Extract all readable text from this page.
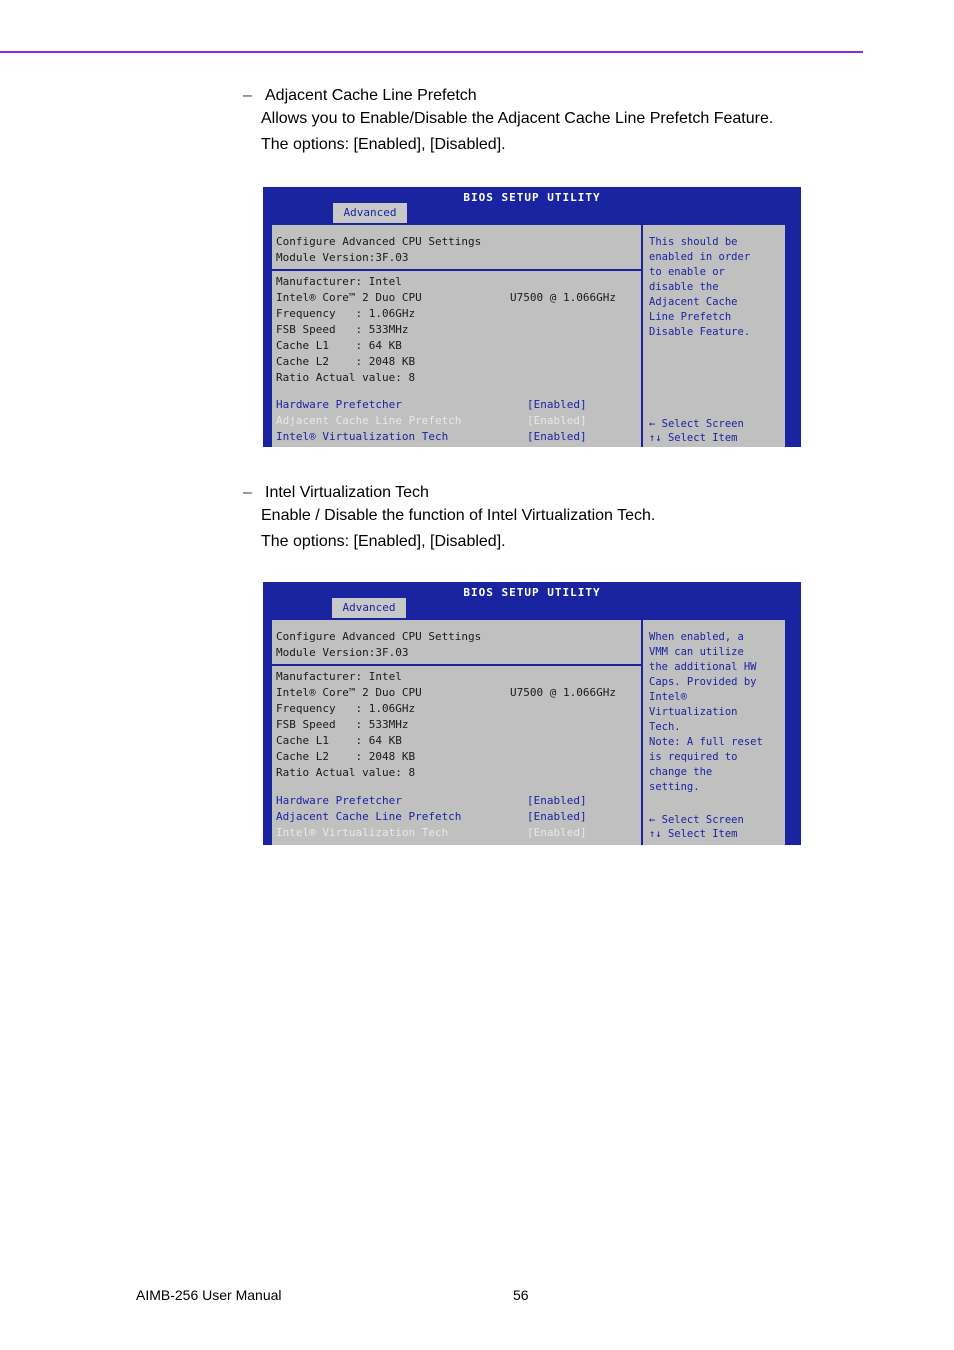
– Adjacent Cache Line Prefetch

Allows you to Enable/Disable the Adjacent Cache Line Prefetch Feature.

The options: [Enabled], [Disabled].

BIOS SETUP UTILITY
Advanced
Configure Advanced CPU Settings
Module Version:3F.03
Manufacturer: Intel
Intel® Core™ 2 Duo CPU	U7500 @ 1.066GHz
Frequency   : 1.06GHz
FSB Speed   : 533MHz
Cache L1    : 64 KB
Cache L2    : 2048 KB
Ratio Actual value: 8
Hardware Prefetcher	[Enabled]
Adjacent Cache Line Prefetch	[Enabled]
Intel® Virtualization Tech	[Enabled]
This should be
enabled in order
to enable or
disable the
Adjacent Cache
Line Prefetch
Disable Feature.
← Select Screen
↑↓ Select Item
– Intel Virtualization Tech

Enable / Disable the function of Intel Virtualization Tech.

The options: [Enabled], [Disabled].

BIOS SETUP UTILITY
Advanced
Configure Advanced CPU Settings
Module Version:3F.03
Manufacturer: Intel
Intel® Core™ 2 Duo CPU	U7500 @ 1.066GHz
Frequency   : 1.06GHz
FSB Speed   : 533MHz
Cache L1    : 64 KB
Cache L2    : 2048 KB
Ratio Actual value: 8
Hardware Prefetcher	[Enabled]
Adjacent Cache Line Prefetch	[Enabled]
Intel® Virtualization Tech	[Enabled]
When enabled, a
VMM can utilize
the additional HW
Caps. Provided by
Intel®
Virtualization
Tech.
Note: A full reset
is required to
change the
setting.
← Select Screen
↑↓ Select Item
AIMB-256 User Manual	56
